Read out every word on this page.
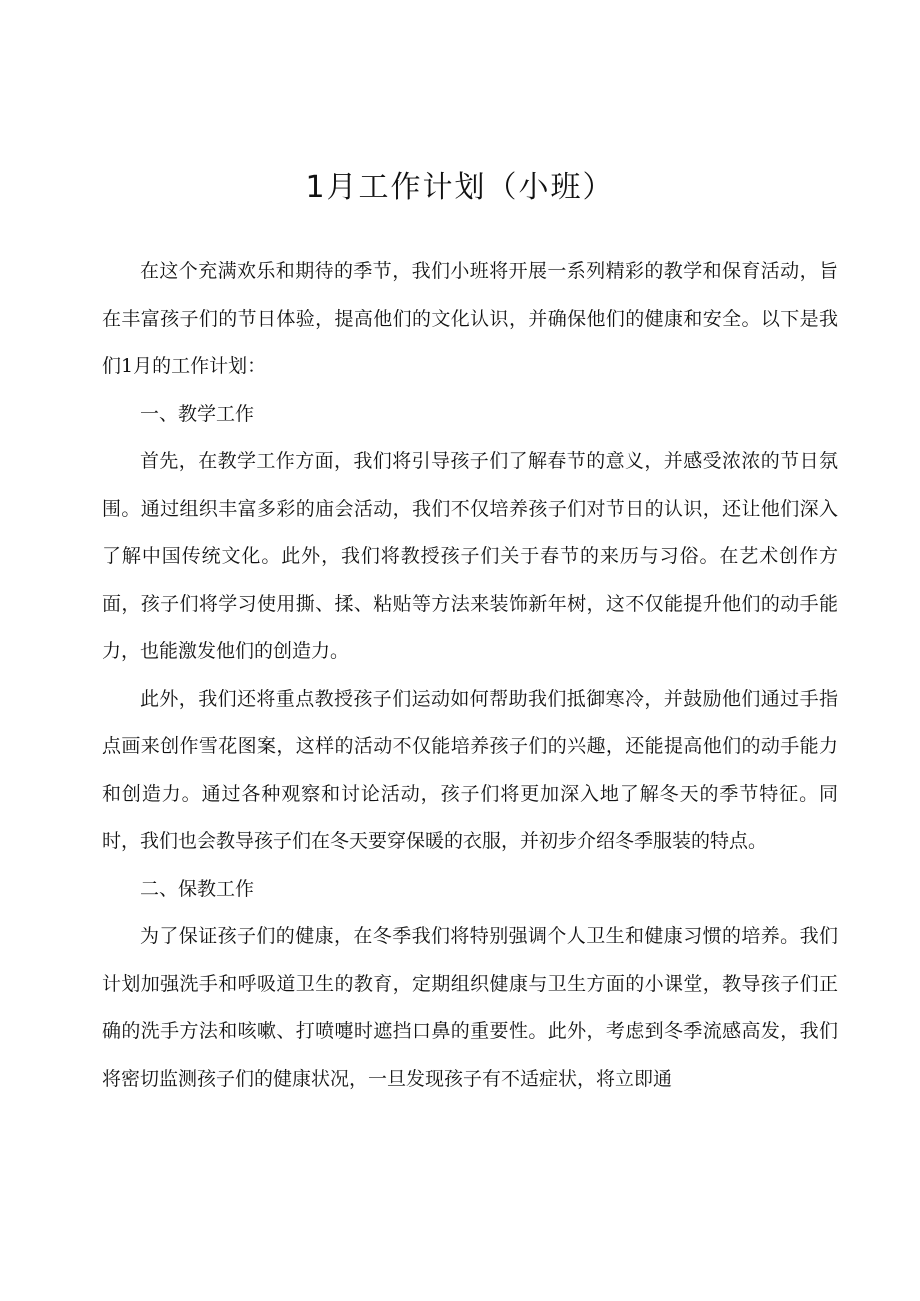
1月工作计划（小班）

在这个充满欢乐和期待的季节，我们小班将开展一系列精彩的教学和保育活动，旨在丰富孩子们的节日体验，提高他们的文化认识，并确保他们的健康和安全。以下是我们1月的工作计划：

一、教学工作

首先，在教学工作方面，我们将引导孩子们了解春节的意义，并感受浓浓的节日氛围。通过组织丰富多彩的庙会活动，我们不仅培养孩子们对节日的认识，还让他们深入了解中国传统文化。此外，我们将教授孩子们关于春节的来历与习俗。在艺术创作方面，孩子们将学习使用撕、揉、粘贴等方法来装饰新年树，这不仅能提升他们的动手能力，也能激发他们的创造力。

此外，我们还将重点教授孩子们运动如何帮助我们抵御寒冷，并鼓励他们通过手指点画来创作雪花图案，这样的活动不仅能培养孩子们的兴趣，还能提高他们的动手能力和创造力。通过各种观察和讨论活动，孩子们将更加深入地了解冬天的季节特征。同时，我们也会教导孩子们在冬天要穿保暖的衣服，并初步介绍冬季服装的特点。

二、保教工作

为了保证孩子们的健康，在冬季我们将特别强调个人卫生和健康习惯的培养。我们计划加强洗手和呼吸道卫生的教育，定期组织健康与卫生方面的小课堂，教导孩子们正确的洗手方法和咳嗽、打喷嚏时遮挡口鼻的重要性。此外，考虑到冬季流感高发，我们将密切监测孩子们的健康状况，一旦发现孩子有不适症状，将立即通
